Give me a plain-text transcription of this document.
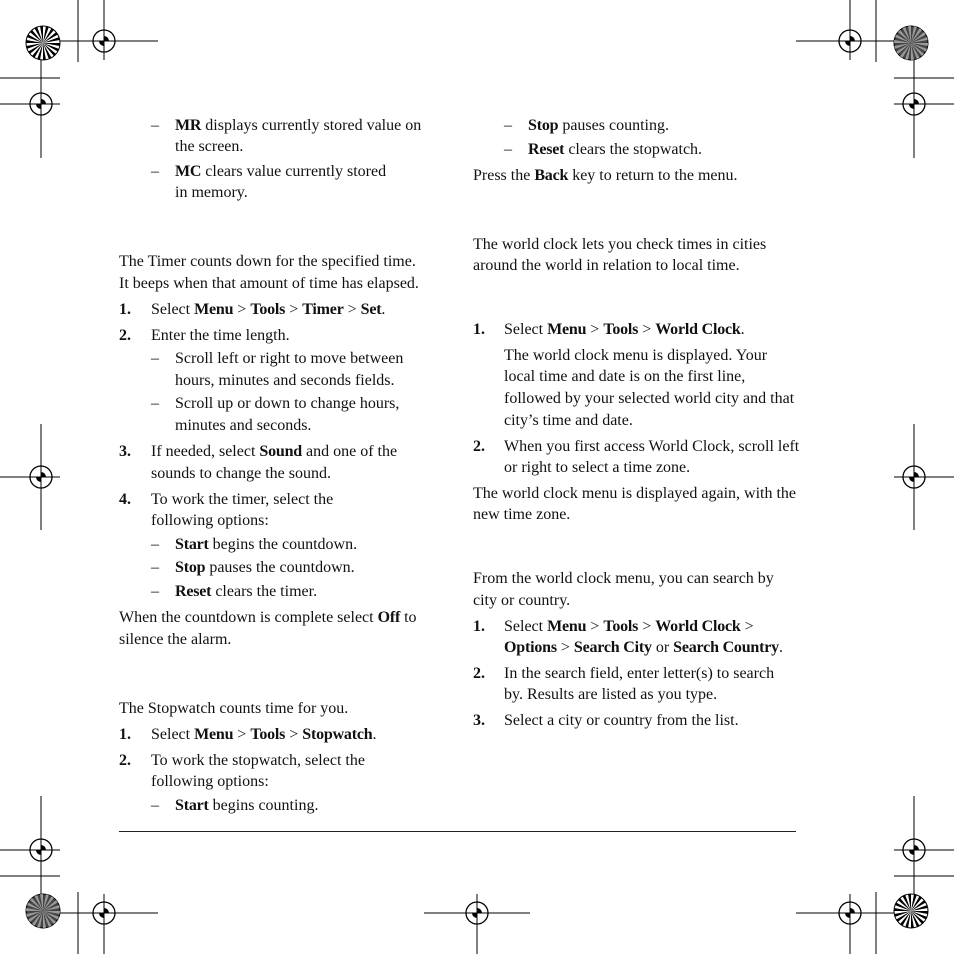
– MR displays currently stored value on
the screen.
– MC clears value currently stored
in memory.
The Timer counts down for the specified time.
It beeps when that amount of time has elapsed.
1. Select Menu > Tools > Timer > Set.
2. Enter the time length.
– Scroll left or right to move between
hours, minutes and seconds fields.
– Scroll up or down to change hours,
minutes and seconds.
3. If needed, select Sound and one of the
sounds to change the sound.
4. To work the timer, select the
following options:
– Start begins the countdown.
– Stop pauses the countdown.
– Reset clears the timer.
When the countdown is complete select Off to
silence the alarm.
The Stopwatch counts time for you.
1. Select Menu > Tools > Stopwatch.
2. To work the stopwatch, select the
following options:
– Start begins counting.
– Stop pauses counting.
– Reset clears the stopwatch.
Press the Back key to return to the menu.
The world clock lets you check times in cities
around the world in relation to local time.
1. Select Menu > Tools > World Clock.
The world clock menu is displayed. Your
local time and date is on the first line,
followed by your selected world city and that
city’s time and date.
2. When you first access World Clock, scroll left
or right to select a time zone.
The world clock menu is displayed again, with the
new time zone.
From the world clock menu, you can search by
city or country.
1. Select Menu > Tools > World Clock >
Options > Search City or Search Country.
2. In the search field, enter letter(s) to search
by. Results are listed as you type.
3. Select a city or country from the list.
